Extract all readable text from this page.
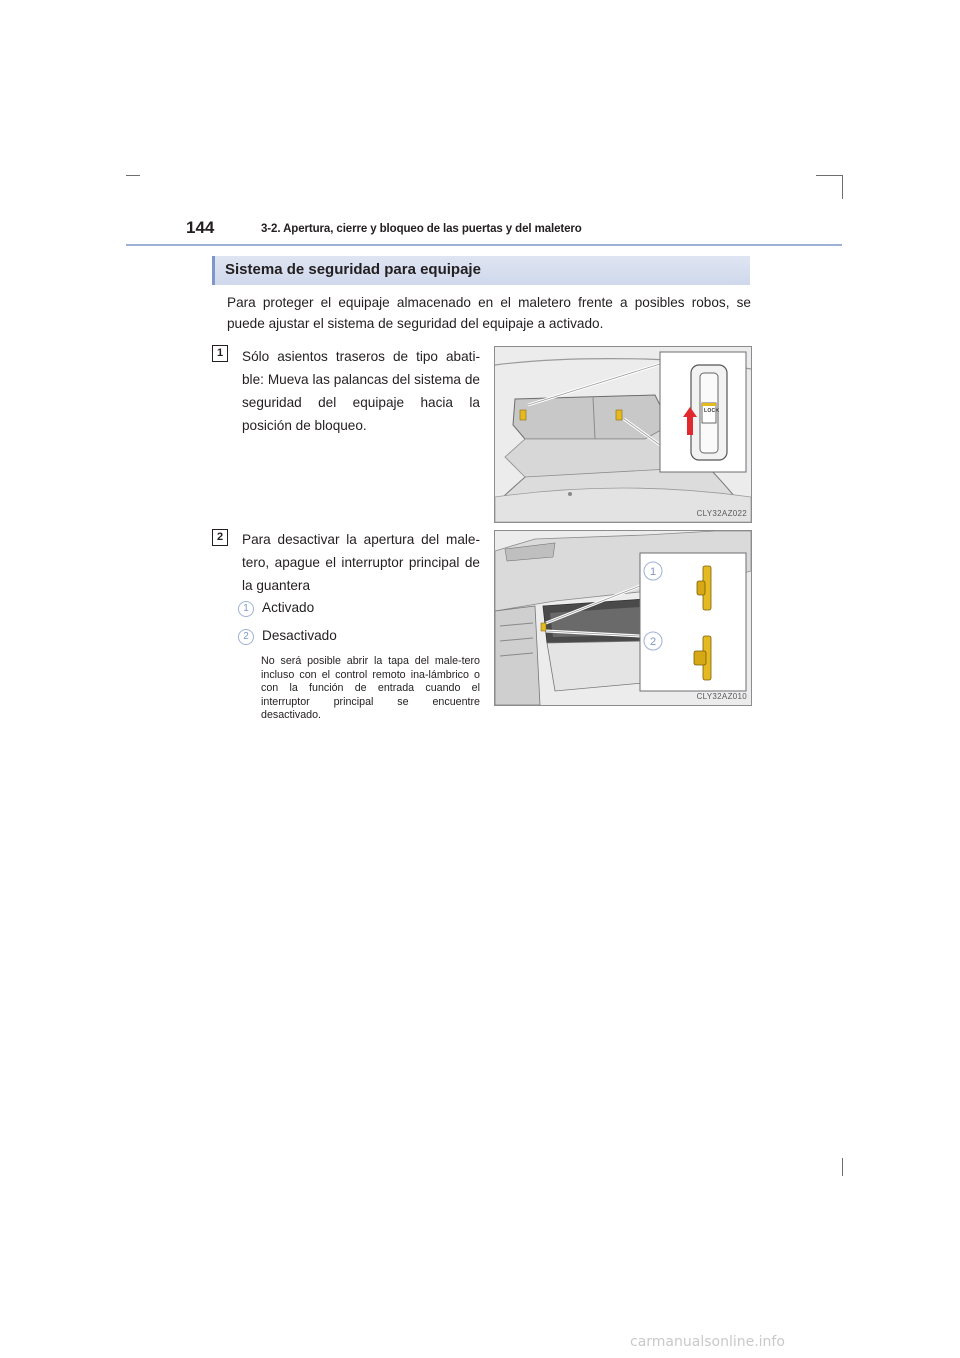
144	3-2. Apertura, cierre y bloqueo de las puertas y del maletero
Sistema de seguridad para equipaje
Para proteger el equipaje almacenado en el maletero frente a posibles robos, se puede ajustar el sistema de seguridad del equipaje a activado.
1	Sólo asientos traseros de tipo abati-ble: Mueva las palancas del sistema de seguridad del equipaje hacia la posición de bloqueo.
CLY32AZ022
LOCK
2	Para desactivar la apertura del male-tero, apague el interruptor principal de la guantera
1 Activado
2 Desactivado
No será posible abrir la tapa del male-tero incluso con el control remoto ina-lámbrico o con la función de entrada cuando el interruptor principal se encuentre desactivado.
1
2
CLY32AZ010
carmanualsonline.info
